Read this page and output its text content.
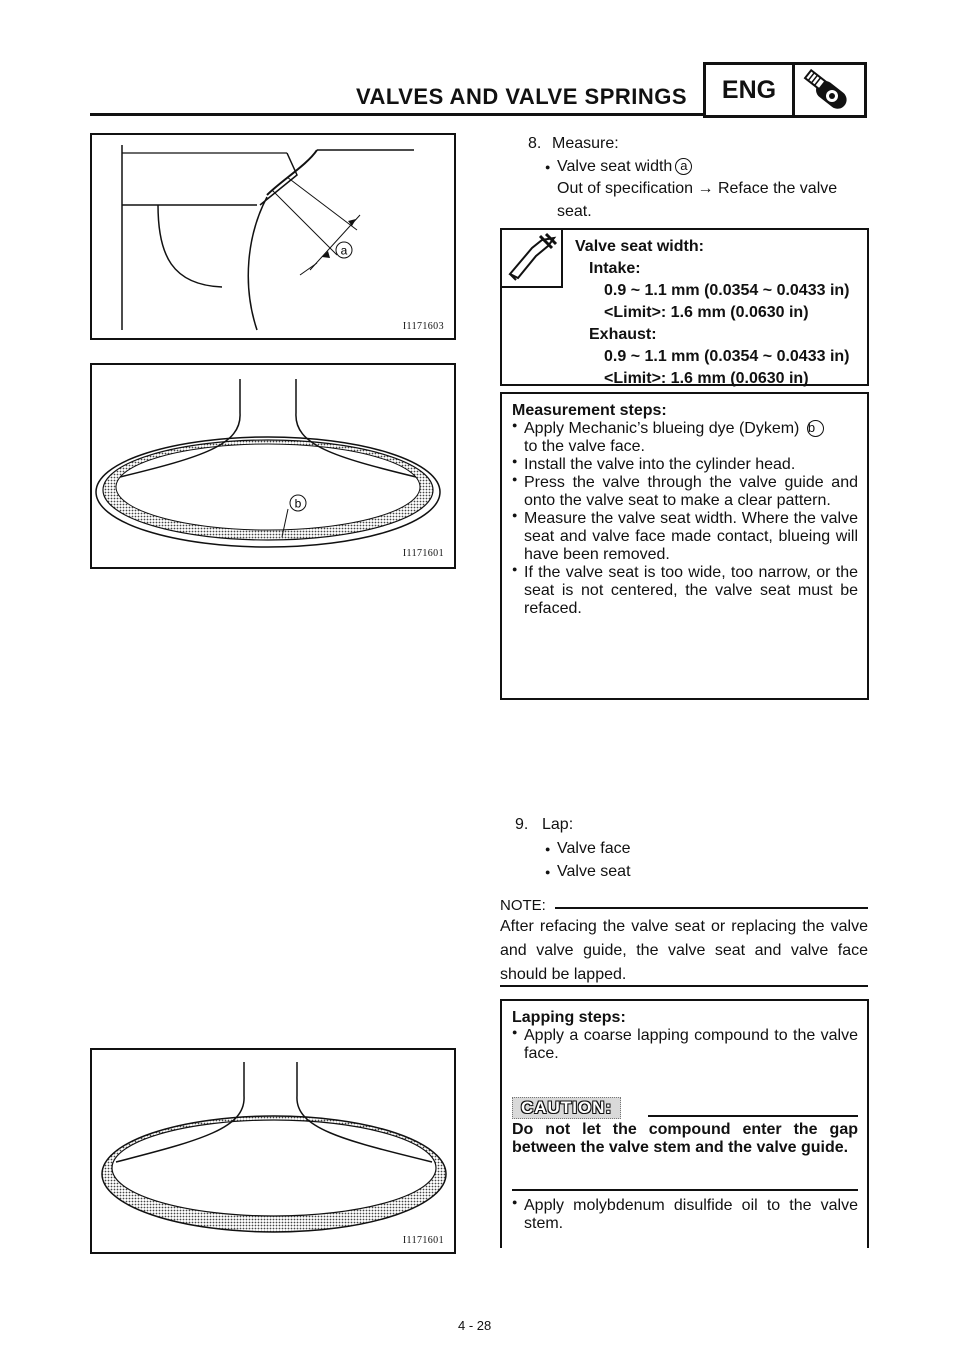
VALVES AND VALVE SPRINGS	ENG
a
I1171603
b
I1171601
I1171601
8. Measure:
● Valve seat width a
Out of specification → Reface the valve
seat.
Valve seat width:
Intake:
0.9 ~ 1.1 mm (0.0354 ~ 0.0433 in)
<Limit>: 1.6 mm (0.0630 in)
Exhaust:
0.9 ~ 1.1 mm (0.0354 ~ 0.0433 in)
<Limit>: 1.6 mm (0.0630 in)

Measurement steps:

● Apply Mechanic’s blueing dye (Dykem) b

to the valve face.

● Install the valve into the cylinder head.

● Press the valve through the valve guide and onto the valve seat to make a clear pattern.

● Measure the valve seat width. Where the valve seat and valve face made contact, blueing will have been removed.

● If the valve seat is too wide, too narrow, or the seat is not centered, the valve seat must be refaced.

9. Lap:
● Valve face
● Valve seat
NOTE:
After refacing the valve seat or replacing the valve and valve guide, the valve seat and valve face should be lapped.

Lapping steps:

● Apply a coarse lapping compound to the valve face.

CAUTION:
Do not let the compound enter the gap between the valve stem and the valve guide.

● Apply molybdenum disulfide oil to the valve stem.

4 - 28
